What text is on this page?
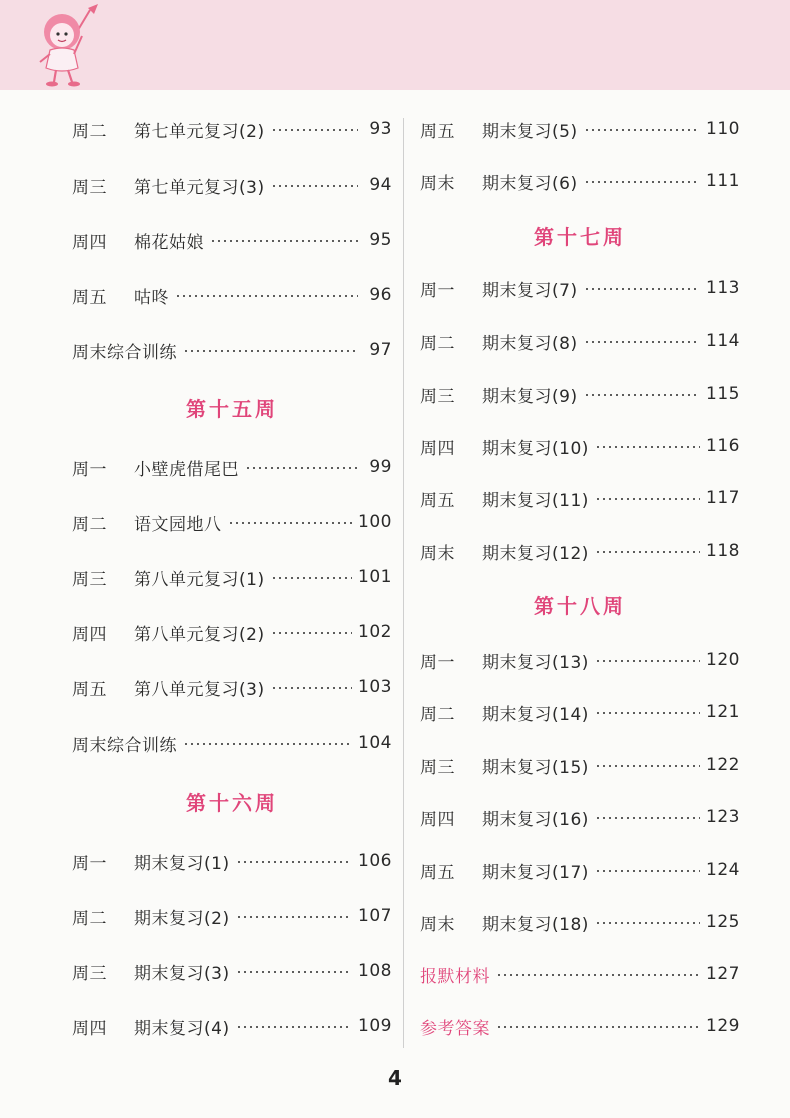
周二	第七单元复习(2)	93
周三	第七单元复习(3)	94
周四	棉花姑娘	95
周五	咕咚	96
周末综合训练	97
第十五周
周一	小壁虎借尾巴	99
周二	语文园地八	100
周三	第八单元复习(1)	101
周四	第八单元复习(2)	102
周五	第八单元复习(3)	103
周末综合训练	104
第十六周
周一	期末复习(1)	106
周二	期末复习(2)	107
周三	期末复习(3)	108
周四	期末复习(4)	109
周五	期末复习(5)	110
周末	期末复习(6)	111
第十七周
周一	期末复习(7)	113
周二	期末复习(8)	114
周三	期末复习(9)	115
周四	期末复习(10)	116
周五	期末复习(11)	117
周末	期末复习(12)	118
第十八周
周一	期末复习(13)	120
周二	期末复习(14)	121
周三	期末复习(15)	122
周四	期末复习(16)	123
周五	期末复习(17)	124
周末	期末复习(18)	125
报默材料	127
参考答案	129
4
